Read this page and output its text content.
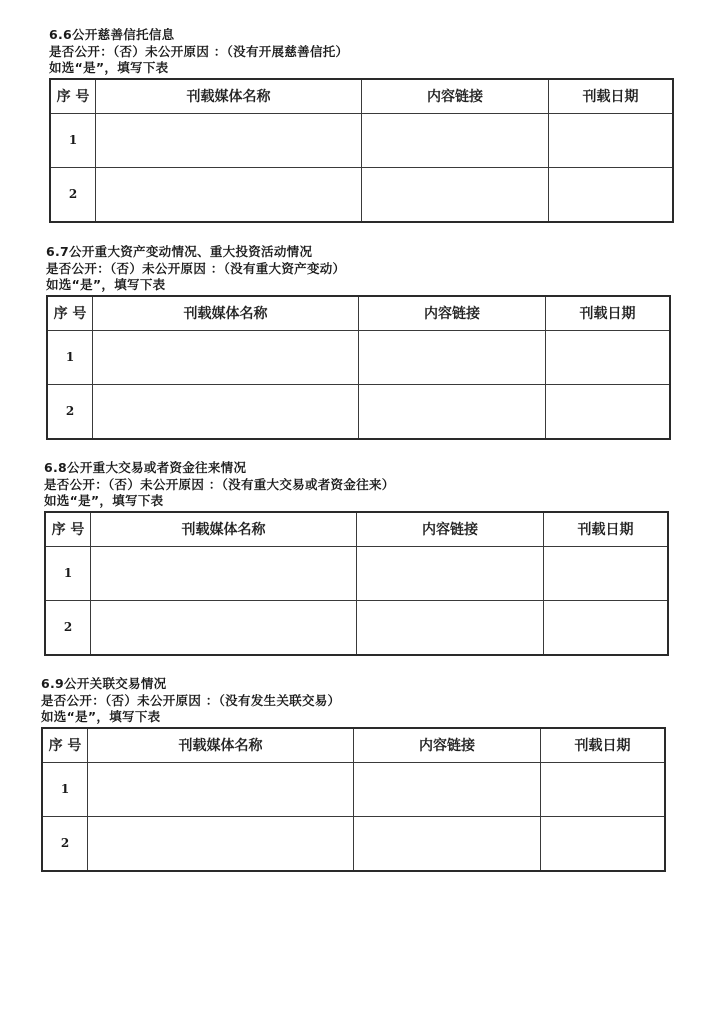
6.6公开慈善信托信息
是否公开：（否）未公开原因 ：（没有开展慈善信托）
如选“是”，填写下表
序 号	刊载媒体名称	内容链接	刊载日期
1			
2			
6.7公开重大资产变动情况、重大投资活动情况
是否公开：（否）未公开原因 ：（没有重大资产变动）
如选“是”，填写下表
序 号	刊载媒体名称	内容链接	刊载日期
1			
2			
6.8公开重大交易或者资金往来情况
是否公开：（否）未公开原因 ：（没有重大交易或者资金往来）
如选“是”，填写下表
序 号	刊载媒体名称	内容链接	刊载日期
1			
2			
6.9公开关联交易情况
是否公开：（否）未公开原因 ：（没有发生关联交易）
如选“是”，填写下表
序 号	刊载媒体名称	内容链接	刊载日期
1			
2			
